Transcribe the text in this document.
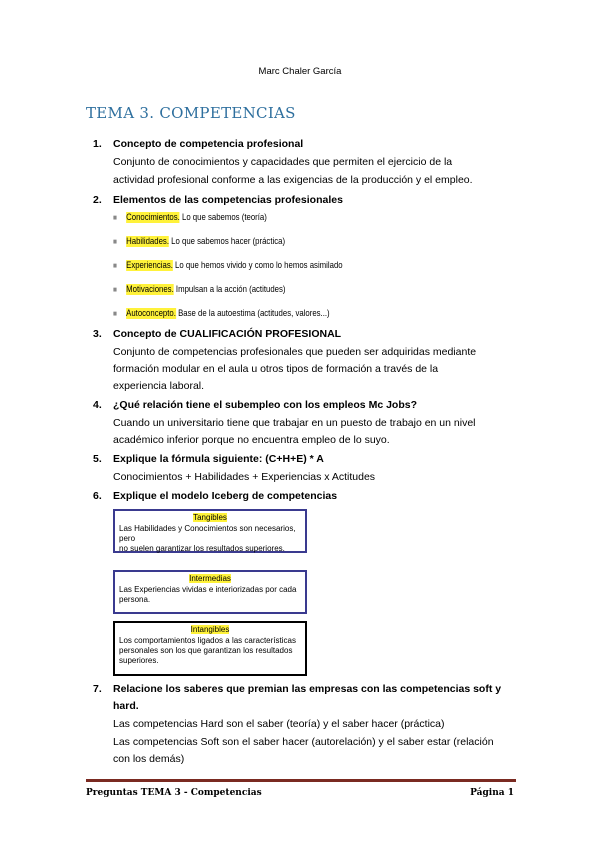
Marc Chaler García
TEMA 3. COMPETENCIAS
1. Concepto de competencia profesional
Conjunto de conocimientos y capacidades que permiten el ejercicio de la
actividad profesional conforme a las exigencias de la producción y el empleo.
2. Elementos de las competencias profesionales
■ Conocimientos. Lo que sabemos (teoría)
■ Habilidades. Lo que sabemos hacer (práctica)
■ Experiencias. Lo que hemos vivido y como lo hemos asimilado
■ Motivaciones. Impulsan a la acción (actitudes)
■ Autoconcepto. Base de la autoestima (actitudes, valores...)
3. Concepto de CUALIFICACIÓN PROFESIONAL
Conjunto de competencias profesionales que pueden ser adquiridas mediante
formación modular en el aula u otros tipos de formación a través de la
experiencia laboral.
4. ¿Qué relación tiene el subempleo con los empleos Mc Jobs?
Cuando un universitario tiene que trabajar en un puesto de trabajo en un nivel
académico inferior porque no encuentra empleo de lo suyo.
5. Explique la fórmula siguiente: (C+H+E) * A
Conocimientos + Habilidades + Experiencias x Actitudes
6. Explique el modelo Iceberg de competencias
Tangibles
Las Habilidades y Conocimientos son necesarios, pero
no suelen garantizar los resultados superiores.
Intermedias
Las Experiencias vividas e interiorizadas por cada
persona.
Intangibles
Los comportamientos ligados a las características
personales son los que garantizan los resultados
superiores.
7. Relacione los saberes que premian las empresas con las competencias soft y
hard.
Las competencias Hard son el saber (teoría) y el saber hacer (práctica)
Las competencias Soft son el saber hacer (autorelación) y el saber estar (relación
con los demás)
Preguntas TEMA 3 - Competencias	Página 1
